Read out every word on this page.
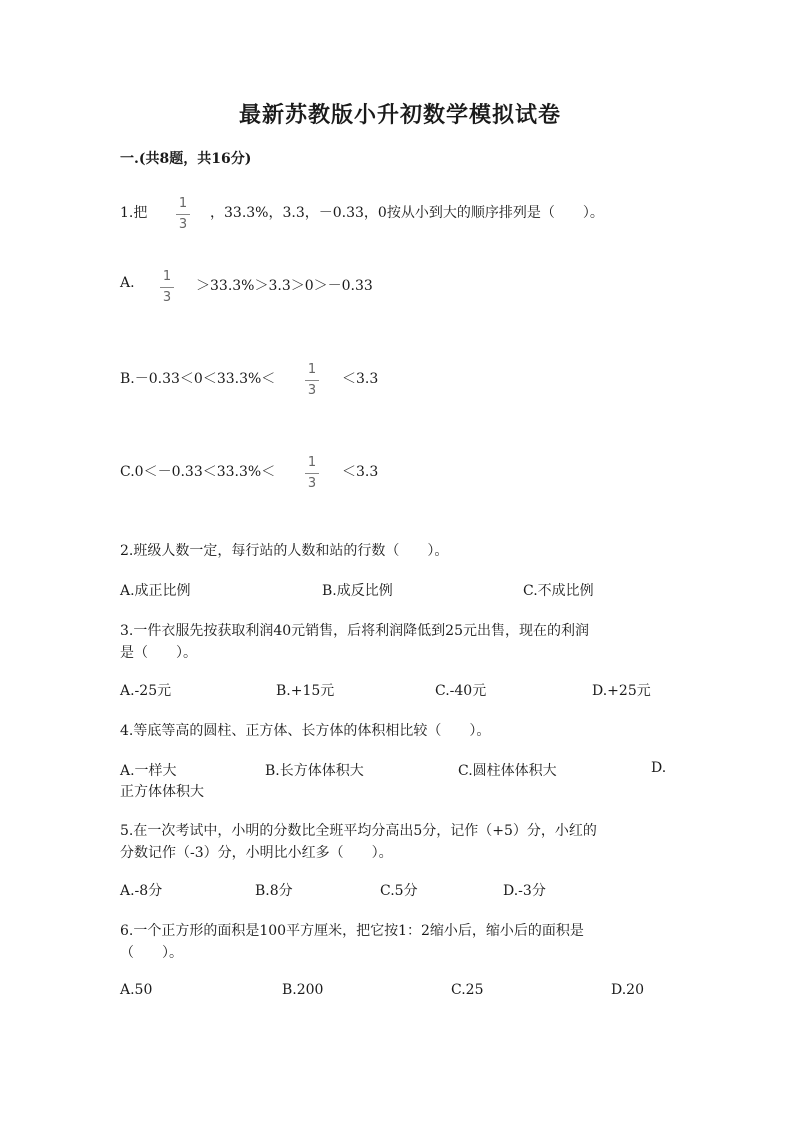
最新苏教版小升初数学模拟试卷
一.(共8题，共16分)
1.把
1
3
，33.3%，3.3，－0.33，0按从小到大的顺序排列是（　　）。
A. 1
3
＞33.3%＞3.3＞0＞－0.33
B.－0.33＜0＜33.3%＜
1
3
＜3.3
C.0＜－0.33＜33.3%＜
1
3
＜3.3
2.班级人数一定，每行站的人数和站的行数（　　）。
A.成正比例	B.成反比例	C.不成比例
3.一件衣服先按获取利润40元销售，后将利润降低到25元出售，现在的利润
是（　　）。
A.-25元	B.+15元	C.-40元	D.+25元
4.等底等高的圆柱、正方体、长方体的体积相比较（　　）。
A.一样大	B.长方体体积大	C.圆柱体体积大	D.
正方体体积大
5.在一次考试中，小明的分数比全班平均分高出5分，记作（+5）分，小红的
分数记作（-3）分，小明比小红多（　　）。
A.-8分	B.8分	C.5分	D.-3分
6.一个正方形的面积是100平方厘米，把它按1：2缩小后，缩小后的面积是
（　　）。
A.50	B.200	C.25	D.20
